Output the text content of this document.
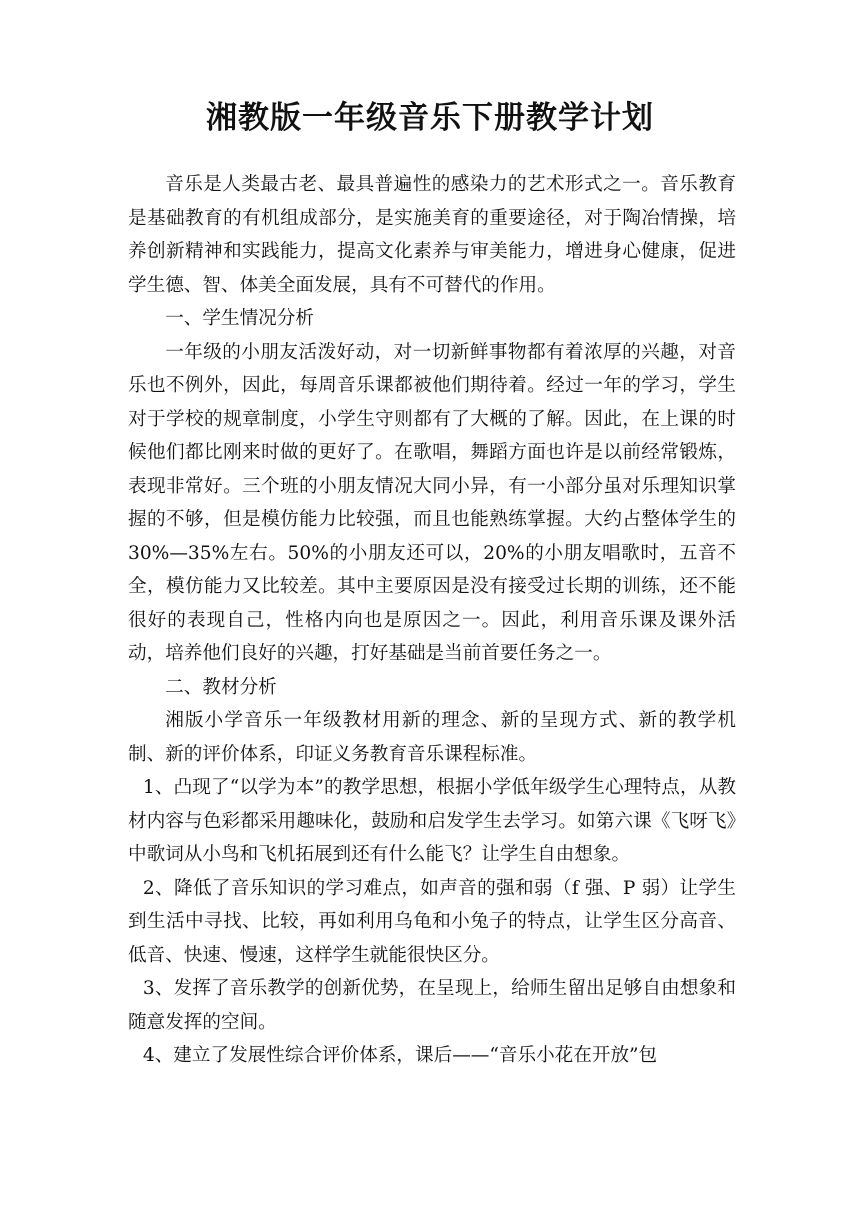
湘教版一年级音乐下册教学计划

音乐是人类最古老、最具普遍性的感染力的艺术形式之一。音乐教育是基础教育的有机组成部分，是实施美育的重要途径，对于陶冶情操，培养创新精神和实践能力，提高文化素养与审美能力，增进身心健康，促进学生德、智、体美全面发展，具有不可替代的作用。

一、学生情况分析

一年级的小朋友活泼好动，对一切新鲜事物都有着浓厚的兴趣，对音乐也不例外，因此，每周音乐课都被他们期待着。经过一年的学习，学生对于学校的规章制度，小学生守则都有了大概的了解。因此，在上课的时候他们都比刚来时做的更好了。在歌唱，舞蹈方面也许是以前经常锻炼，表现非常好。三个班的小朋友情况大同小异，有一小部分虽对乐理知识掌握的不够，但是模仿能力比较强，而且也能熟练掌握。大约占整体学生的30%—35%左右。50%的小朋友还可以，20%的小朋友唱歌时，五音不全，模仿能力又比较差。其中主要原因是没有接受过长期的训练，还不能很好的表现自己，性格内向也是原因之一。因此，利用音乐课及课外活动，培养他们良好的兴趣，打好基础是当前首要任务之一。

二、教材分析

湘版小学音乐一年级教材用新的理念、新的呈现方式、新的教学机制、新的评价体系，印证义务教育音乐课程标准。

1、凸现了“以学为本”的教学思想，根据小学低年级学生心理特点，从教材内容与色彩都采用趣味化，鼓励和启发学生去学习。如第六课《飞呀飞》中歌词从小鸟和飞机拓展到还有什么能飞？让学生自由想象。

2、降低了音乐知识的学习难点，如声音的强和弱（f 强、P 弱）让学生到生活中寻找、比较，再如利用乌龟和小兔子的特点，让学生区分高音、低音、快速、慢速，这样学生就能很快区分。

3、发挥了音乐教学的创新优势，在呈现上，给师生留出足够自由想象和随意发挥的空间。

4、建立了发展性综合评价体系，课后——“音乐小花在开放”包
